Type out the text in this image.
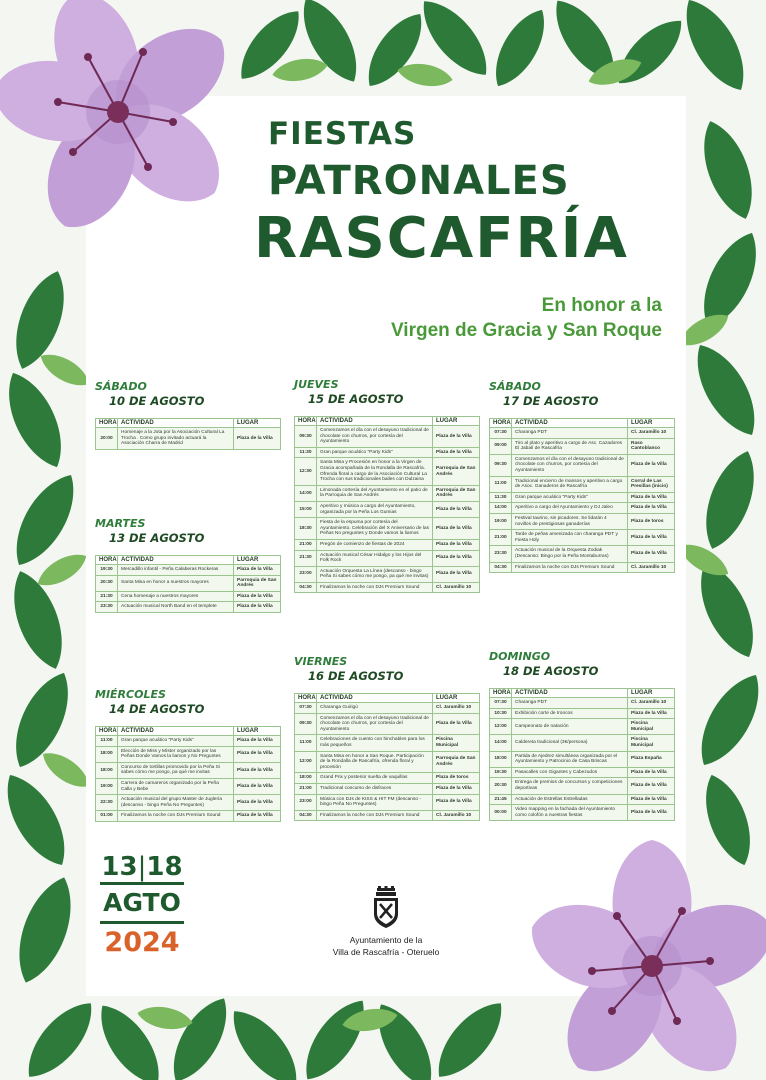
FIESTAS
PATRONALES
RASCAFRÍA
En honor a la
Virgen de Gracia y San Roque
SÁBADO
10 DE AGOSTO
HORA	ACTIVIDAD	LUGAR
20:00	Homenaje a la Jota por la Asociación Cultural La Trocha . Como grupo invitado actuará la Asociación Charra de Madrid	Plaza de la Villa
MARTES
13 DE AGOSTO
HORA	ACTIVIDAD	LUGAR
19:30	Mercadillo infantil - Peña Calaberas Rockeras	Plaza de la Villa
20:30	Santa Misa en honor a nuestros mayores	Parroquia de San Andrés
21:30	Cena homenaje a nuestros mayores	Plaza de la Villa
23:30	Actuación musical North Band en el templete	Plaza de la Villa
MIÉRCOLES
14 DE AGOSTO
HORA	ACTIVIDAD	LUGAR
11:00	Gran parque acuático "Party Kids"	Plaza de la Villa
18:00	Elección de Miss y Míster organizado por las Peñas Donde Vamos la liamos y No Preguntes	Plaza de la Villa
18:00	Concurso de tortillas promovido por la Peña Si sabes cómo me pongo, pa qué me invitas	Plaza de la Villa
19:00	Carrera de camareros organizado por la Peña Calla y Bebe	Plaza de la Villa
22:30	Actuación musical del grupo Master de Juglería (descanso - bingo Peña No Preguntes)	Plaza de la Villa
01:00	Finalizamos la noche con DJs Premium Sound	Plaza de la Villa
JUEVES
15 DE AGOSTO
HORA	ACTIVIDAD	LUGAR
09:30	Comenzamos el día con el desayuno tradicional de chocolate con churros, por cortesía del Ayuntamiento	Plaza de la Villa
11:30	Gran parque acuático "Party Kids"	Plaza de la Villa
12:30	Santa Misa y Procesión en honor a la Virgen de Gracia acompañada de la Rondalla de Rascafría. Ofrenda floral a cargo de la Asociación Cultural La Trocha con sus tradicionales bailes con Dulzaina	Parroquia de San Andrés
14:00	Limonada cortesía del Ayuntamiento en el patio de la Parroquia de San Andrés	Parroquia de San Andrés
15:00	Aperitivo y música a cargo del Ayuntamiento, organizada por la Peña Los Gumias	Plaza de la Villa
18:30	Fiesta de la espuma por cortesía del Ayuntamiento. Celebración del X Aniversario de las Peñas No preguntes y Donde vamos la liamos	Plaza de la Villa
21:00	Pregón de comienzo de fiestas de 2024	Plaza de la Villa
21:30	Actuación musical César Hidalgo y los Hijos del Folk Rock	Plaza de la Villa
23:00	Actuación Orquesta La Línea (descanso - bingo Peña Si sabes cómo me pongo, pa qué me invitas)	Plaza de la Villa
04:30	Finalizamos la noche con DJs Premium Sound	Cl. Jaramillo 10
VIERNES
16 DE AGOSTO
HORA	ACTIVIDAD	LUGAR
07:30	Charanga Guirigú	Cl. Jaramillo 10
09:30	Comenzamos el día con el desayuno tradicional de chocolate con churros, por cortesía del Ayuntamiento	Plaza de la Villa
11:00	Celebraciones de cuento con hinchables para los más pequeños	Piscina Municipal
12:00	Santa Misa en honor a San Roque. Participación de la Rondalla de Rascafría, ofrenda floral y procesión	Parroquia de San Andrés
18:00	Grand Prix y posterior suelta de vaquillas	Plaza de toros
21:00	Tradicional concurso de disfraces	Plaza de la Villa
23:00	Música con DJs de KISS & HIT FM (descanso - bingo Peña No Preguntes)	Plaza de la Villa
04:30	Finalizamos la noche con DJs Premium Sound	Cl. Jaramillo 10
SÁBADO
17 DE AGOSTO
HORA	ACTIVIDAD	LUGAR
07:30	Charanga PDT	Cl. Jaramillo 10
09:00	Tiro al plato y aperitivo a cargo de Asc. Cazadores El Jabalí de Rascafría	Raso Cantoblanco
09:30	Comenzamos el día con el desayuno tradicional de chocolate con churros, por cortesía del Ayuntamiento	Plaza de la Villa
11:00	Tradicional encierro de mansos y aperitivo a cargo de Asoc. Ganaderos de Rascafría	Corral de Las Presillas (inicio)
11:30	Gran parque acuático "Party Kids"	Plaza de la Villa
14:00	Aperitivo a cargo del Ayuntamiento y DJ Jaleo	Plaza de la Villa
19:00	Festival taurino, sin picadores. Se lidarán 4 novillos de prestigiosas ganaderías	Plaza de toros
21:00	Tarde de peñas amenizada con charanga PDT y Fiesta Holy	Plaza de la Villa
23:30	Actuación musical de la Orquesta Zodiak (Descanso: Bingo por la Peña Montaburras)	Plaza de la Villa
04:30	Finalizamos la noche con DJs Premium Sound	Cl. Jaramillo 10
DOMINGO
18 DE AGOSTO
HORA	ACTIVIDAD	LUGAR
07:30	Charanga PDT	Cl. Jaramillo 10
10:30	Exhibición corte de troncos	Plaza de la Villa
12:00	Campeonato de natación	Piscina Municipal
14:00	Caldereta tradicional (3€/persona)	Piscina Municipal
18:00	Partida de Ajedrez simultánea organizada por el Ayuntamiento y Patrocinio de Casa Briscas	Plaza España
19:30	Pasacalles con Gigantes y Cabezudos	Plaza de la Villa
20:30	Entrega de premios de concursos y competiciones deportivas	Plaza de la Villa
21:45	Actuación de Estrellas Estrelladas	Plaza de la Villa
00:00	Video mapping en la fachada del Ayuntamiento como colofón a nuestras fiestas	Plaza de la Villa
13|18
AGTO
2024	Ayuntamiento de la
Villa de Rascafría - Oteruelo
